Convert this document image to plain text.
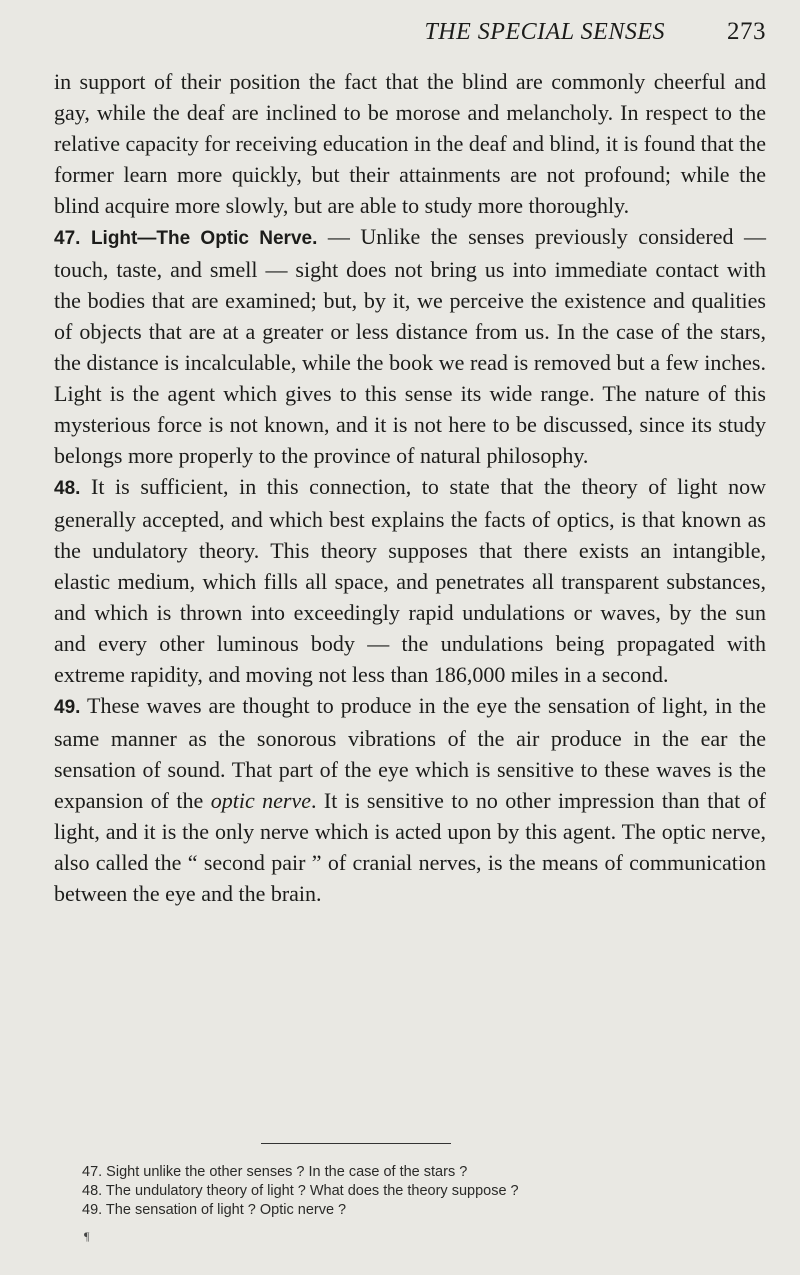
THE SPECIAL SENSES 273

in support of their position the fact that the blind are commonly cheerful and gay, while the deaf are inclined to be morose and melancholy. In respect to the relative capacity for receiving education in the deaf and blind, it is found that the former learn more quickly, but their attainments are not profound; while the blind acquire more slowly, but are able to study more thoroughly.

47. Light—The Optic Nerve. — Unlike the senses previously considered — touch, taste, and smell — sight does not bring us into immediate contact with the bodies that are examined; but, by it, we perceive the existence and qualities of objects that are at a greater or less distance from us. In the case of the stars, the distance is incalculable, while the book we read is removed but a few inches. Light is the agent which gives to this sense its wide range. The nature of this mysterious force is not known, and it is not here to be discussed, since its study belongs more properly to the province of natural philosophy.

48. It is sufficient, in this connection, to state that the theory of light now generally accepted, and which best explains the facts of optics, is that known as the undulatory theory. This theory supposes that there exists an intangible, elastic medium, which fills all space, and penetrates all transparent substances, and which is thrown into exceedingly rapid undulations or waves, by the sun and every other luminous body — the undulations being propagated with extreme rapidity, and moving not less than 186,000 miles in a second.

49. These waves are thought to produce in the eye the sensation of light, in the same manner as the sonorous vibrations of the air produce in the ear the sensation of sound. That part of the eye which is sensitive to these waves is the expansion of the optic nerve. It is sensitive to no other impression than that of light, and it is the only nerve which is acted upon by this agent. The optic nerve, also called the “ second pair ” of cranial nerves, is the means of communication between the eye and the brain.

47. Sight unlike the other senses ? In the case of the stars ?
48. The undulatory theory of light ? What does the theory suppose ?
49. The sensation of light ? Optic nerve ?
¶
